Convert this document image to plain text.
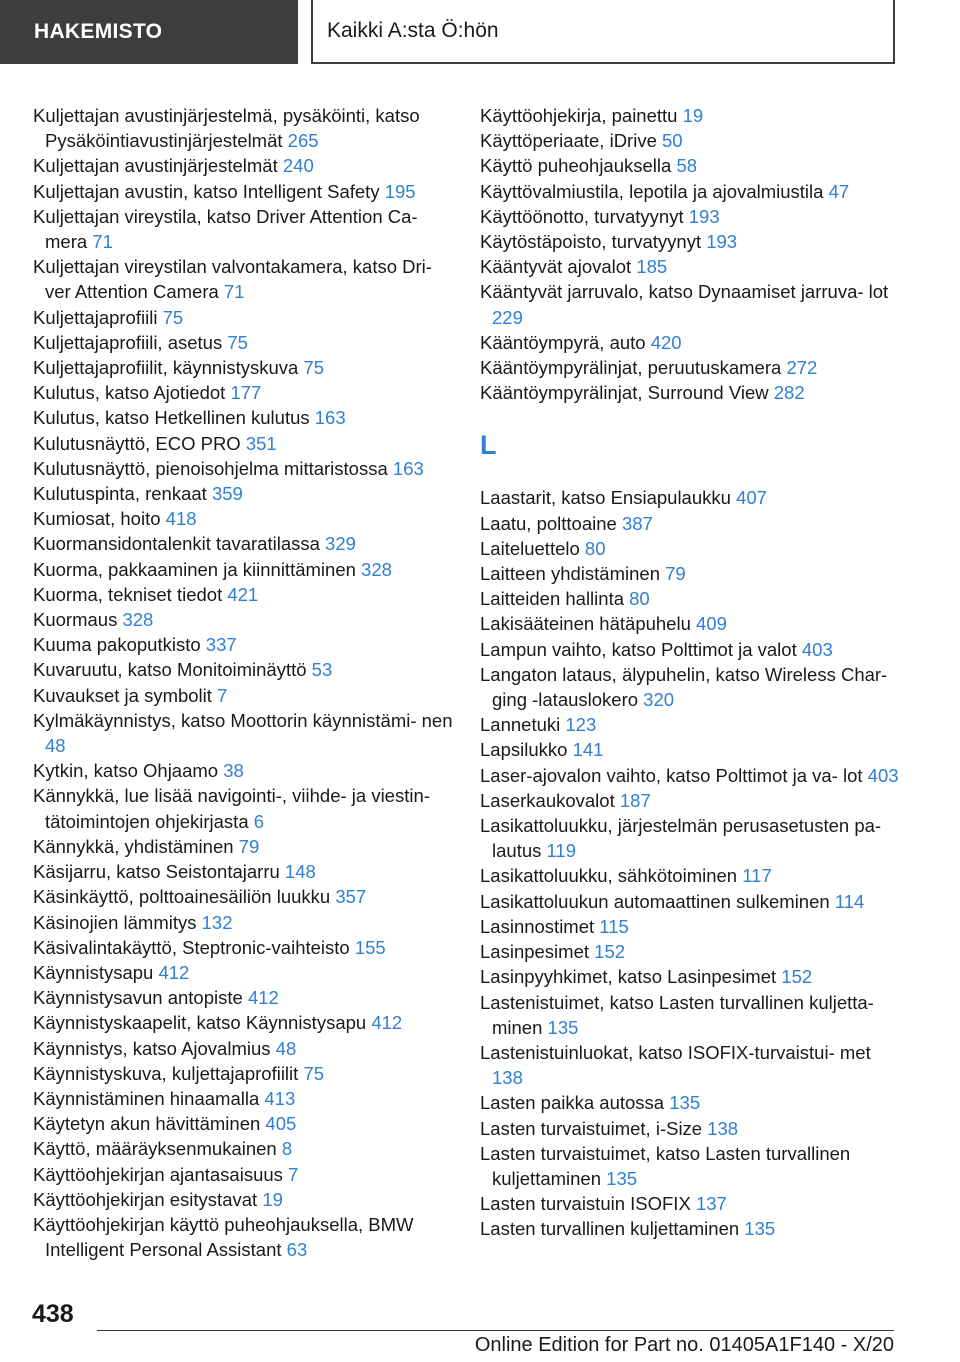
HAKEMISTO	Kaikki A:sta Ö:hön
Kuljettajan avustinjärjestelmä, pysäköinti, katso Pysäköintiavustinjärjestelmät 265
Kuljettajan avustinjärjestelmät 240
Kuljettajan avustin, katso Intelligent Safety 195
Kuljettajan vireystila, katso Driver Attention Ca‐ mera 71
Kuljettajan vireystilan valvontakamera, katso Dri‐ ver Attention Camera 71
Kuljettajaprofiili 75
Kuljettajaprofiili, asetus 75
Kuljettajaprofiilit, käynnistyskuva 75
Kulutus, katso Ajotiedot 177
Kulutus, katso Hetkellinen kulutus 163
Kulutusnäyttö, ECO PRO 351
Kulutusnäyttö, pienoisohjelma mittaristossa 163
Kulutuspinta, renkaat 359
Kumiosat, hoito 418
Kuormansidontalenkit tavaratilassa 329
Kuorma, pakkaaminen ja kiinnittäminen 328
Kuorma, tekniset tiedot 421
Kuormaus 328
Kuuma pakoputkisto 337
Kuvaruutu, katso Monitoiminäyttö 53
Kuvaukset ja symbolit 7
Kylmäkäynnistys, katso Moottorin käynnistämi‐ nen 48
Kytkin, katso Ohjaamo 38
Kännykkä, lue lisää navigointi-, viihde- ja viestin‐ tätoimintojen ohjekirjasta 6
Kännykkä, yhdistäminen 79
Käsijarru, katso Seistontajarru 148
Käsinkäyttö, polttoainesäiliön luukku 357
Käsinojien lämmitys 132
Käsivalintakäyttö, Steptronic-vaihteisto 155
Käynnistysapu 412
Käynnistysavun antopiste 412
Käynnistyskaapelit, katso Käynnistysapu 412
Käynnistys, katso Ajovalmius 48
Käynnistyskuva, kuljettajaprofiilit 75
Käynnistäminen hinaamalla 413
Käytetyn akun hävittäminen 405
Käyttö, määräyksenmukainen 8
Käyttöohjekirjan ajantasaisuus 7
Käyttöohjekirjan esitystavat 19
Käyttöohjekirjan käyttö puheohjauksella, BMW Intelligent Personal Assistant 63
Käyttöohjekirja, painettu 19
Käyttöperiaate, iDrive 50
Käyttö puheohjauksella 58
Käyttövalmiustila, lepotila ja ajovalmiustila 47
Käyttöönotto, turvatyynyt 193
Käytöstäpoisto, turvatyynyt 193
Kääntyvät ajovalot 185
Kääntyvät jarruvalo, katso Dynaamiset jarruva‐ lot 229
Kääntöympyrä, auto 420
Kääntöympyrälinjat, peruutuskamera 272
Kääntöympyrälinjat, Surround View 282
L
Laastarit, katso Ensiapulaukku 407
Laatu, polttoaine 387
Laiteluettelo 80
Laitteen yhdistäminen 79
Laitteiden hallinta 80
Lakisääteinen hätäpuhelu 409
Lampun vaihto, katso Polttimot ja valot 403
Langaton lataus, älypuhelin, katso Wireless Char‐ ging -latauslokero 320
Lannetuki 123
Lapsilukko 141
Laser-ajovalon vaihto, katso Polttimot ja va‐ lot 403
Laserkaukovalot 187
Lasikattoluukku, järjestelmän perusasetusten pa‐ lautus 119
Lasikattoluukku, sähkötoiminen 117
Lasikattoluukun automaattinen sulkeminen 114
Lasinnostimet 115
Lasinpesimet 152
Lasinpyyhkimet, katso Lasinpesimet 152
Lastenistuimet, katso Lasten turvallinen kuljetta‐ minen 135
Lastenistuinluokat, katso ISOFIX-turvaistui‐ met 138
Lasten paikka autossa 135
Lasten turvaistuimet, i-Size 138
Lasten turvaistuimet, katso Lasten turvallinen kuljettaminen 135
Lasten turvaistuin ISOFIX 137
Lasten turvallinen kuljettaminen 135
438
Online Edition for Part no. 01405A1F140 - X/20
